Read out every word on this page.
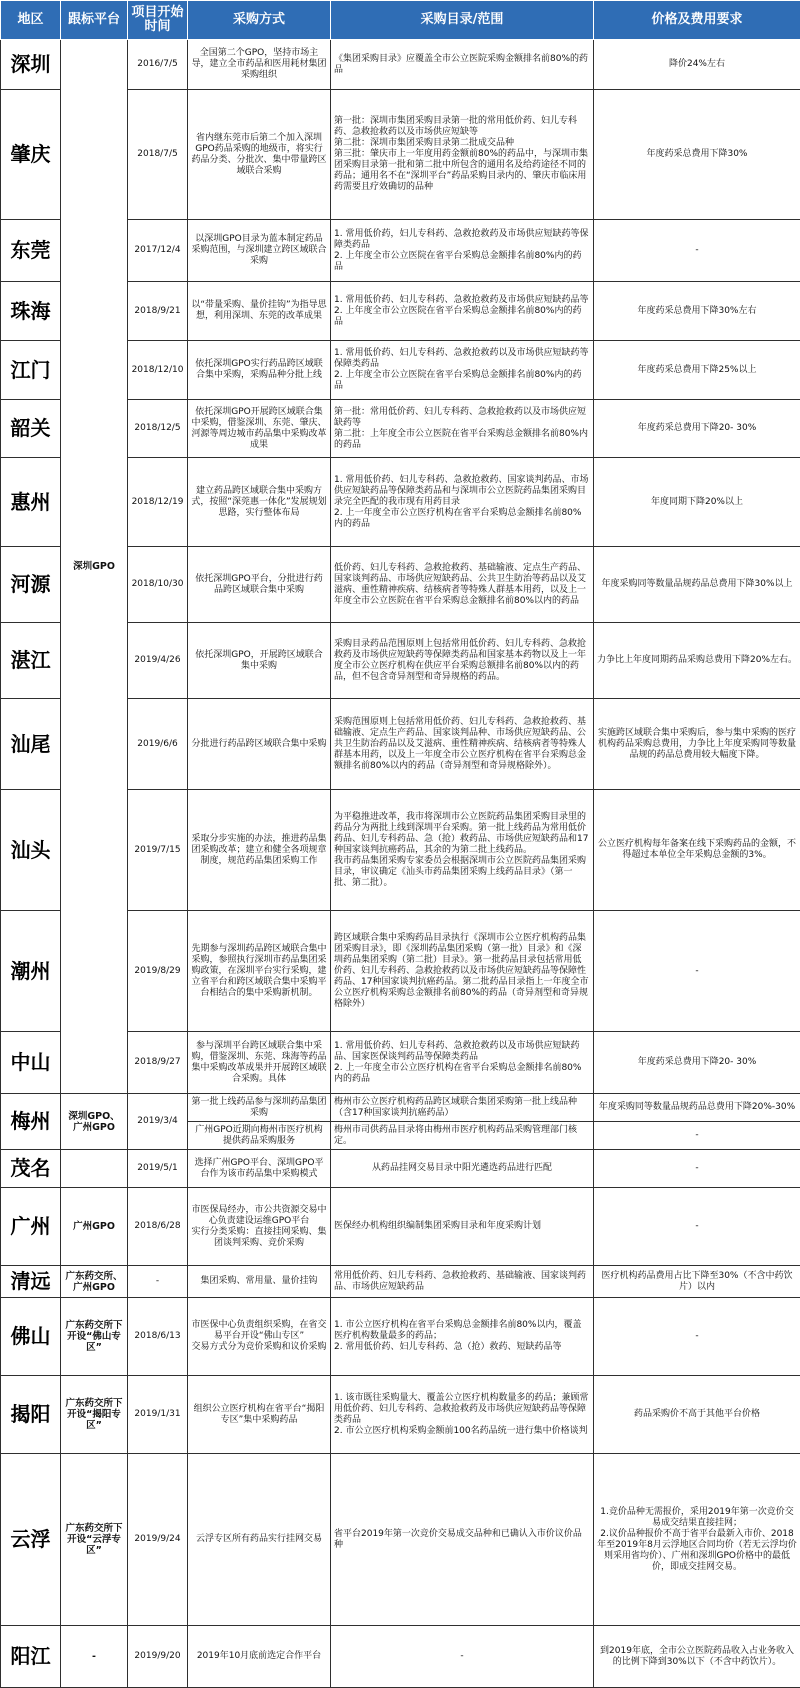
地区	跟标平台	项目开始时间	采购方式	采购目录/范围	价格及费用要求
深圳	深圳GPO	2016/7/5	全国第二个GPO，坚持市场主导，建立全市药品和医用耗材集团采购组织	《集团采购目录》应覆盖全市公立医院采购金额排名前80%的药品	降价24%左右
肇庆		2018/7/5	省内继东莞市后第二个加入深圳GPO药品采购的地级市，将实行药品分类、分批次、集中带量跨区域联合采购	第一批：深圳市集团采购目录第一批的常用低价药、妇儿专科药、急救抢救药以及市场供应短缺等
第二批：深圳市集团采购目录第二批成交品种
第三批：肇庆市上一年度用药金额前80%的药品中，与深圳市集团采购目录第一批和第二批中所包含的通用名及给药途径不同的药品；通用名不在“深圳平台”药品采购目录内的、肇庆市临床用药需要且疗效确切的品种	年度药采总费用下降30%
东莞		2017/12/4	以深圳GPO目录为蓝本制定药品采购范围，与深圳建立跨区域联合采购	1. 常用低价药，妇儿专科药、急救抢救药及市场供应短缺药等保障类药品
2. 上年度全市公立医院在省平台采购总金额排名前80%内的药品	-
珠海		2018/9/21	以“带量采购、量价挂钩”为指导思想，利用深圳、东莞的改革成果	1. 常用低价药、妇儿专科药、急救抢救药及市场供应短缺药品等
2. 上年度全市公立医院在省平台采购总金额排名前80%内的药品	年度药采总费用下降30%左右
江门		2018/12/10	依托深圳GPO实行药品跨区域联合集中采购，采购品种分批上线	1. 常用低价药、妇儿专科药、急救抢救药以及市场供应短缺药等保障类药品
2. 上年度全市公立医院在省平台采购总金额排名前80%内的药品	年度药采总费用下降25%以上
韶关		2018/12/5	依托深圳GPO开展跨区域联合集中采购，借鉴深圳、东莞、肇庆、河源等周边城市药品集中采购改革成果	第一批：常用低价药、妇儿专科药、急救抢救药以及市场供应短缺药等
第二批：上年度全市公立医院在省平台采购总金额排名前80%内的药品	年度药采总费用下降20- 30%
惠州		2018/12/19	建立药品跨区域联合集中采购方式，按照“深莞惠一体化”发展规划思路，实行整体布局	1. 常用低价药、妇儿专科药、急救抢救药、国家谈判药品、市场供应短缺药品等保障类药品和与深圳市公立医院药品集团采购目录完全匹配的我市现有用药目录
2. 上一年度全市公立医疗机构在省平台采购总金额排名前80%内的药品	年度同期下降20%以上
河源		2018/10/30	依托深圳GPO平台，分批进行药品跨区域联合集中采购	低价药、妇儿专科药、急救抢救药、基础输液、定点生产药品、国家谈判药品、市场供应短缺药品、公共卫生防治等药品以及艾滋病、重性精神疾病、结核病者等特殊人群基本用药，以及上一年度全市公立医院在省平台采购总金额排名前80%以内的药品	年度采购同等数量品规药品总费用下降30%以上
湛江		2019/4/26	依托深圳GPO，开展跨区域联合集中采购	采购目录药品范围原则上包括常用低价药、妇儿专科药、急救抢救药及市场供应短缺药等保障类药品和国家基本药物以及上一年度全市公立医疗机构在供应平台采购总额排名前80%以内的药品，但不包含奇异剂型和奇异规格的药品。	力争比上年度同期药品采购总费用下降20%左右。
汕尾		2019/6/6	分批进行药品跨区域联合集中采购	采购范围原则上包括常用低价药、妇儿专科药、急救抢救药、基础输液、定点生产药品、国家谈判品种、市场供应短缺药品、公共卫生防治药品以及艾滋病、重性精神疾病、结核病者等特殊人群基本用药，以及上一年度全市公立医疗机构在省平台采购总金额排名前80%以内的药品（奇异剂型和奇异规格除外）。	实施跨区域联合集中采购后，参与集中采购的医疗机构药品采购总费用，力争比上年度采购同等数量品规的药品总费用较大幅度下降。
汕头		2019/7/15	采取分步实施的办法，推进药品集团采购改革；建立和健全各项规章制度，规范药品集团采购工作	为平稳推进改革，我市将深圳市公立医院药品集团采购目录里的药品分为两批上线到深圳平台采购。第一批上线药品为常用低价药品、妇儿专科药品、急（抢）救药品、市场供应短缺药品和17种国家谈判抗癌药品，其余的为第二批上线药品。
我市药品集团采购专家委员会根据深圳市公立医院药品集团采购目录，审议确定《汕头市药品集团采购上线药品目录》（第一批、第二批）。	公立医疗机构每年备案在线下采购药品的金额，不得超过本单位全年采购总金额的3%。
潮州		2019/8/29	先期参与深圳药品跨区域联合集中采购，参照执行深圳市药品集团采购政策，在深圳平台实行采购，建立省平台和跨区域联合集中采购平台相结合的集中采购新机制。	跨区域联合集中采购药品目录执行《深圳市公立医疗机构药品集团采购目录》，即《深圳药品集团采购（第一批）目录》和《深圳药品集团采购（第二批）目录》。第一批药品目录包括常用低价药、妇儿专科药、急救抢救药以及市场供应短缺药品等保障性药品、17种国家谈判抗癌药品。第二批药品目录指上一年度全市公立医疗机构采购总金额排名前80%的药品（奇异剂型和奇异规格除外）	-
中山		2018/9/27	参与深圳平台跨区域联合集中采购，借鉴深圳、东莞、珠海等药品集中采购改革成果并开展跨区域联合采购。具体	1. 常用低价药、妇儿专科药、急救抢救药以及市场供应短缺药品、国家医保谈判药品等保障类药品
2. 上一年度全市公立医疗机构在省平台采购总金额排名前80%内的药品	年度药采总费用下降20- 30%
梅州	深圳GPO、广州GPO	2019/3/4	第一批上线药品参与深圳药品集团采购	梅州市公立医疗机构药品跨区域联合集团采购第一批上线品种（含17种国家谈判抗癌药品）	年度采购同等数量品规药品总费用下降20%-30%
			广州GPO近期向梅州市医疗机构提供药品采购服务	梅州市司供药品目录将由梅州市医疗机构药品采购管理部门核定。	-
茂名		2019/5/1	选择广州GPO平台、深圳GPO平台作为该市药品集中采购模式	从药品挂网交易目录中阳光遴选药品进行匹配	-
广州	广州GPO	2018/6/28	市医保局经办，市公共资源交易中心负责建设运维GPO平台
实行分类采购：直接挂网采购、集团谈判采购、竞价采购	医保经办机构组织编制集团采购目录和年度采购计划	-
清远	广东药交所、广州GPO	-	集团采购、常用量、量价挂钩	常用低价药、妇儿专科药、急救抢救药、基础输液、国家谈判药品、市场供应短缺药品	医疗机构药品费用占比下降至30%（不含中药饮片）以内
佛山	广东药交所下开设“佛山专区”	2018/6/13	市医保中心负责组织采购，在省交易平台开设“佛山专区”
交易方式分为竞价采购和议价采购	1. 市公立医疗机构在省平台采购总金额排名前80%以内，覆盖医疗机构数量最多的药品；
2. 常用低价药、妇儿专科药、急（抢）救药、短缺药品等	-
揭阳	广东药交所下开设“揭阳专区”	2019/1/31	组织公立医疗机构在省平台“揭阳专区”集中采购药品	1. 该市既往采购量大、覆盖公立医疗机构数量多的药品；兼顾常用低价药、妇儿专科药、急救抢救药及市场供应短缺药品等保障类药品
2. 市公立医疗机构采购金额前100名药品统一进行集中价格谈判	药品采购价不高于其他平台价格
云浮	广东药交所下开设“云浮专区”	2019/9/24	云浮专区所有药品实行挂网交易	省平台2019年第一次竞价交易成交品种和已确认入市价议价品种	1.竞价品种无需报价，采用2019年第一次竞价交易成交结果直接挂网；
2.议价品种报价不高于省平台最新入市价、2018年至2019年8月云浮地区合同均价（若无云浮均价则采用省均价）、广州和深圳GPO价格中的最低价，即成交挂网交易。
阳江	-	2019/9/20	2019年10月底前选定合作平台	-	到2019年底，全市公立医院药品收入占业务收入的比例下降到30%以下（不含中药饮片）。
